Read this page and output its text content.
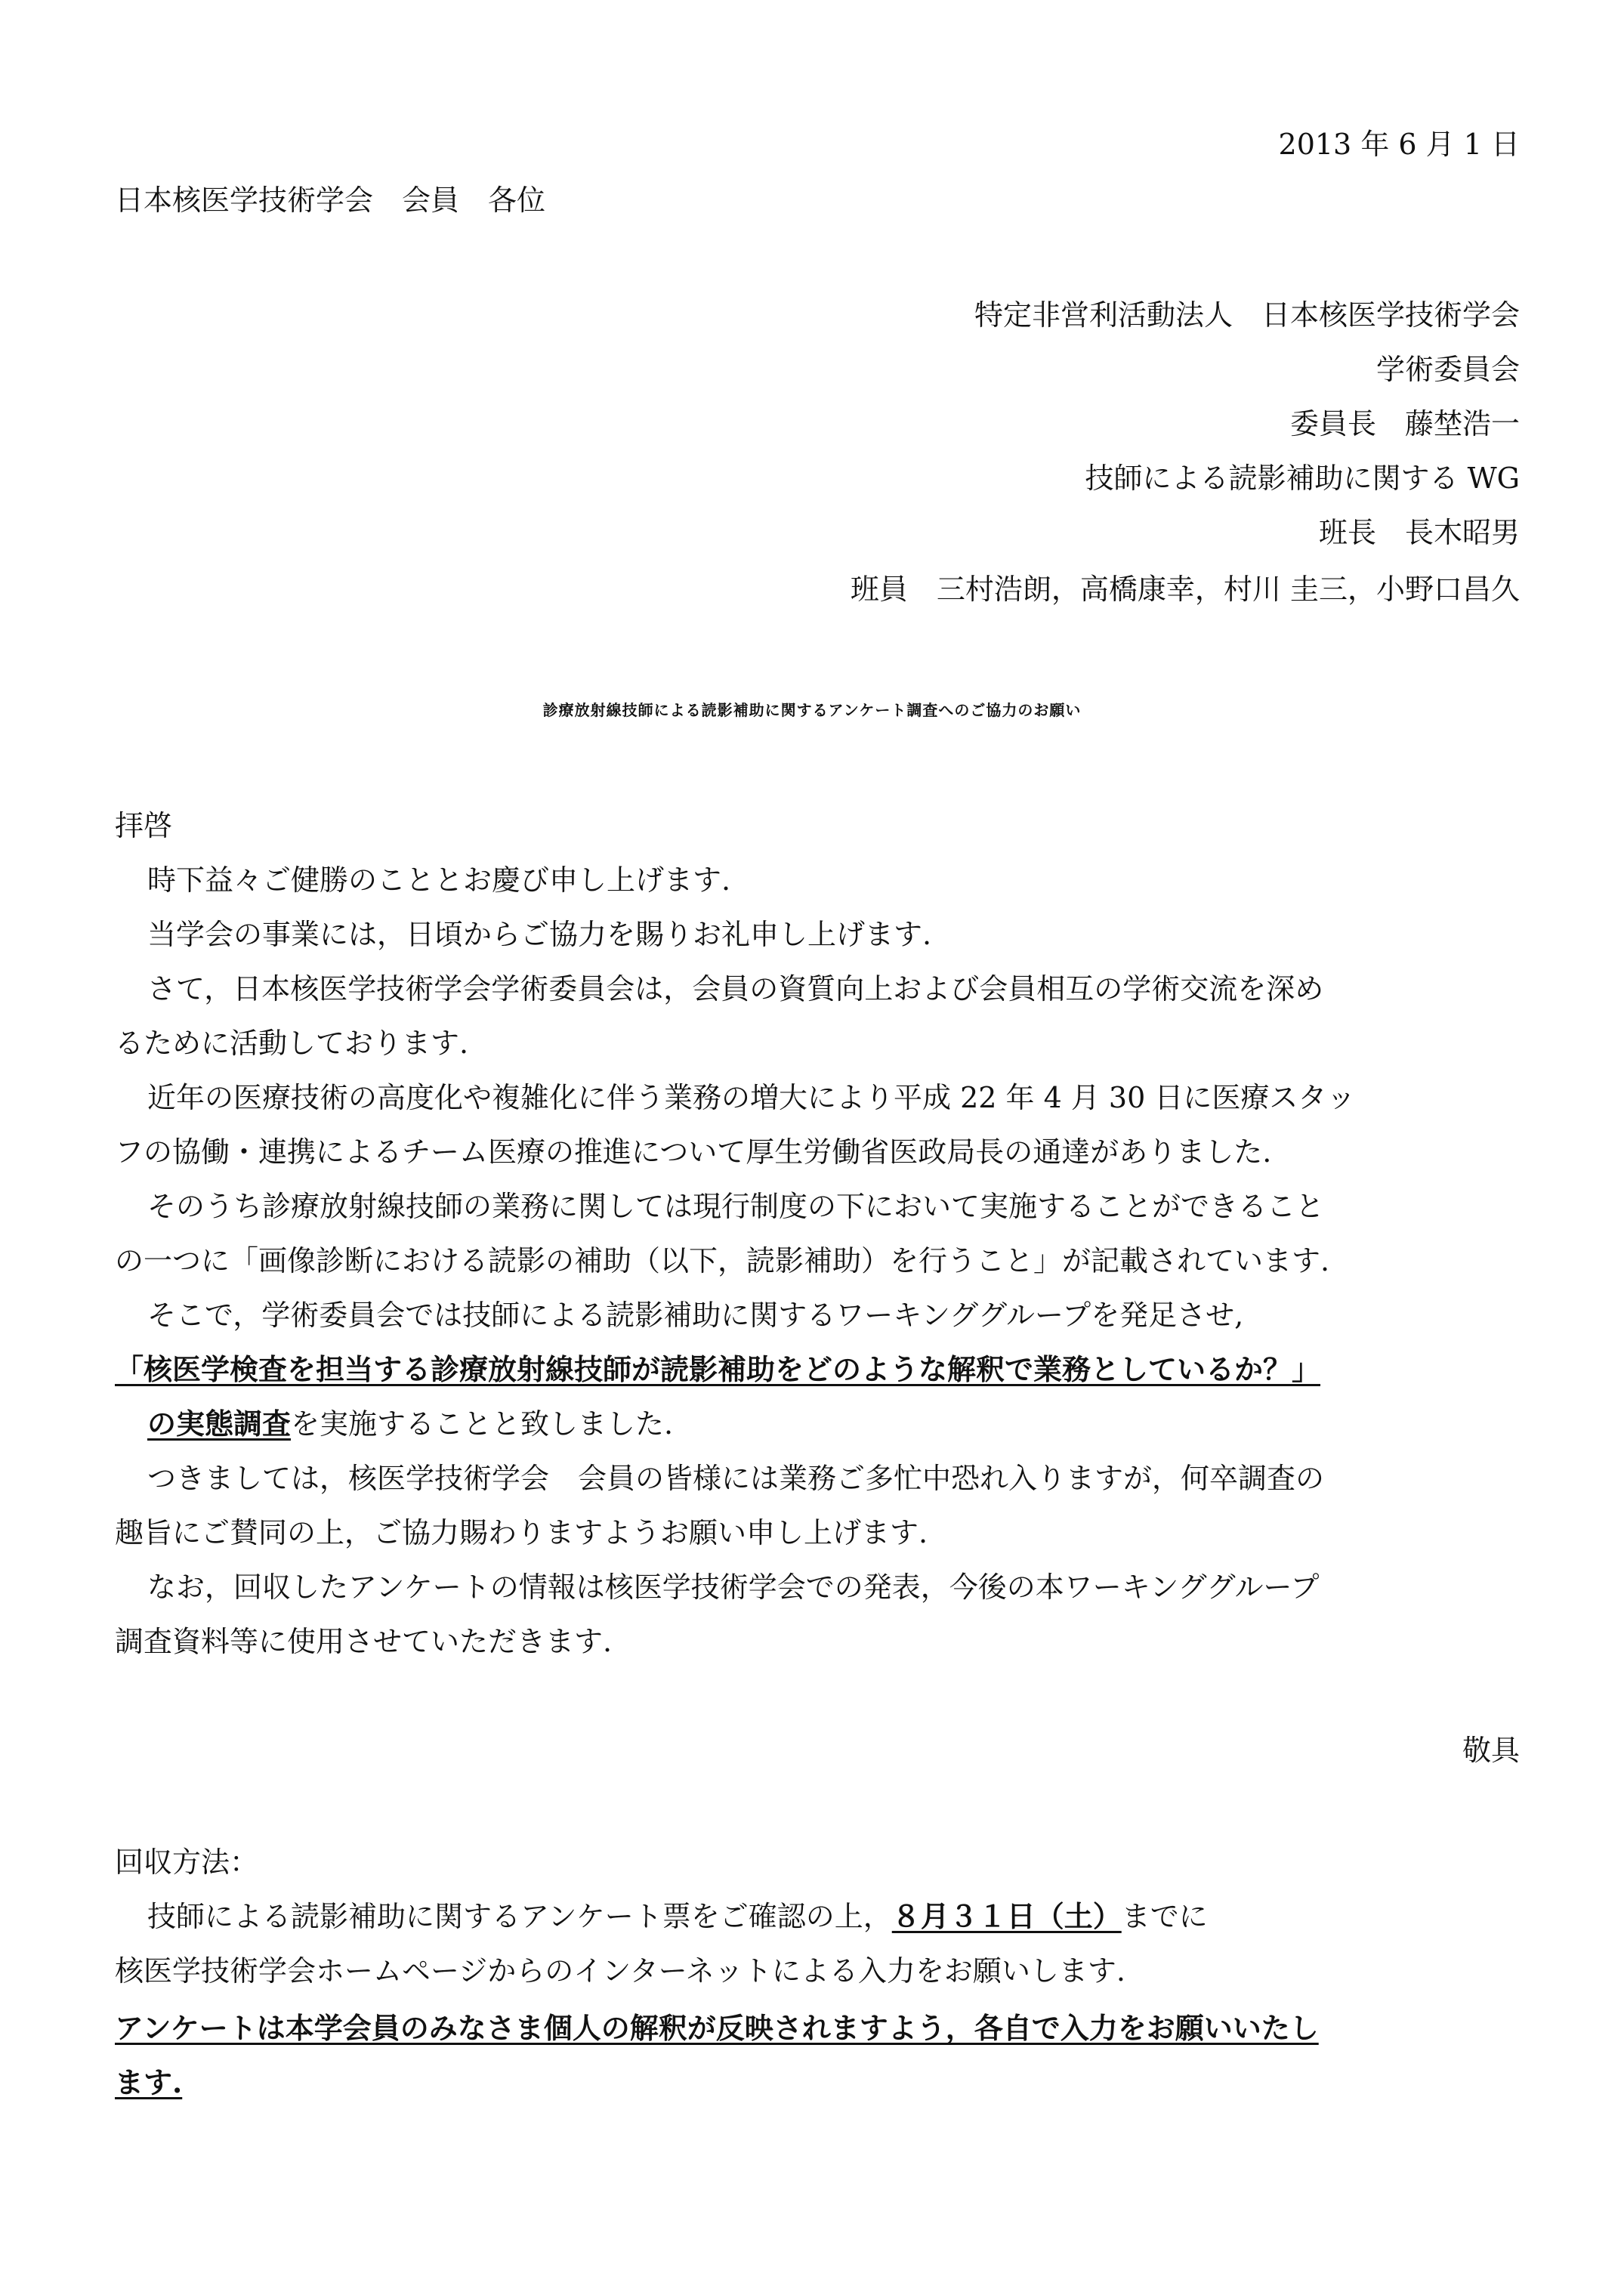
2013 年 6 月 1 日
日本核医学技術学会　会員　各位
特定非営利活動法人　日本核医学技術学会
学術委員会
委員長　藤埜浩一
技師による読影補助に関する WG
班長　長木昭男
班員　三村浩朗，高橋康幸，村川 圭三，小野口昌久
診療放射線技師による読影補助に関するアンケート調査へのご協力のお願い
拝啓
時下益々ご健勝のこととお慶び申し上げます.
当学会の事業には，日頃からご協力を賜りお礼申し上げます.
さて，日本核医学技術学会学術委員会は，会員の資質向上および会員相互の学術交流を深め
るために活動しております.
近年の医療技術の高度化や複雑化に伴う業務の増大により平成 22 年 4 月 30 日に医療スタッ
フの協働・連携によるチーム医療の推進について厚生労働省医政局長の通達がありました.
そのうち診療放射線技師の業務に関しては現行制度の下において実施することができること
の一つに「画像診断における読影の補助（以下，読影補助）を行うこと」が記載されています.
そこで，学術委員会では技師による読影補助に関するワーキンググループを発足させ,
「核医学検査を担当する診療放射線技師が読影補助をどのような解釈で業務としているか？」
の実態調査を実施することと致しました.
つきましては，核医学技術学会　会員の皆様には業務ご多忙中恐れ入りますが，何卒調査の
趣旨にご賛同の上，ご協力賜わりますようお願い申し上げます.
なお，回収したアンケートの情報は核医学技術学会での発表，今後の本ワーキンググループ
調査資料等に使用させていただきます.
敬具
回収方法：
技師による読影補助に関するアンケート票をご確認の上，８月３１日（土）までに
核医学技術学会ホームページからのインターネットによる入力をお願いします.
アンケートは本学会員のみなさま個人の解釈が反映されますよう，各自で入力をお願いいたし
ます.
